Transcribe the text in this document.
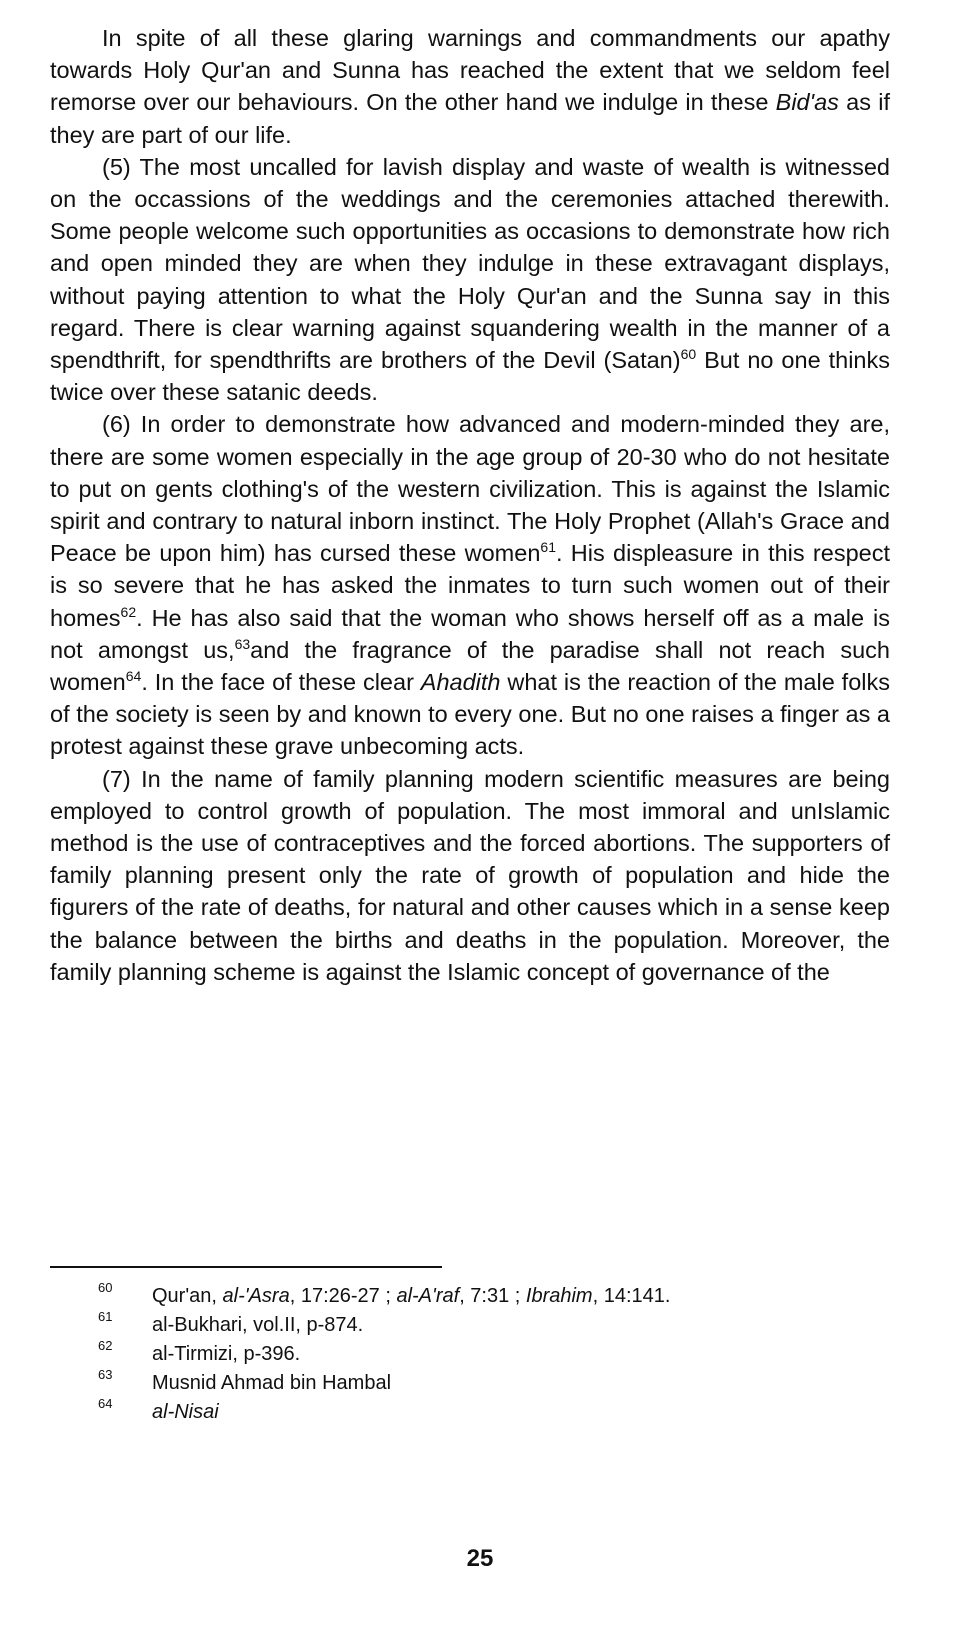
In spite of all these glaring warnings and commandments our apathy towards Holy Qur'an and Sunna has reached the extent that we seldom feel remorse over our behaviours. On the other hand we indulge in these Bid'as as if they are part of our life.

(5) The most uncalled for lavish display and waste of wealth is witnessed on the occassions of the weddings and the ceremonies attached therewith. Some people welcome such opportunities as occasions to demonstrate how rich and open minded they are when they indulge in these extravagant displays, without paying attention to what the Holy Qur'an and the Sunna say in this regard. There is clear warning against squandering wealth in the manner of a spendthrift, for spendthrifts are brothers of the Devil $(Satan)^{60}$ But no one thinks twice over these satanic deeds.

(6) In order to demonstrate how advanced and modern-minded they are, there are some women especially in the age group of 20-30 who do not hesitate to put on gents clothing's of the western civilization. This is against the Islamic spirit and contrary to natural inborn instinct. The Holy Prophet (Allah's Grace and Peace be upon him) has cursed these women$^{61}$. His displeasure in this respect is so severe that he has asked the inmates to turn such women out of their homes$^{62}$. He has also said that the woman who shows herself off as a male is not amongst us,$^{63}$and the fragrance of the paradise shall not reach such women$^{64}$. In the face of these clear Ahadith what is the reaction of the male folks of the society is seen by and known to every one. But no one raises a finger as a protest against these grave unbecoming acts.

(7) In the name of family planning modern scientific measures are being employed to control growth of population. The most immoral and unIslamic method is the use of contraceptives and the forced abortions. The supporters of family planning present only the rate of growth of population and hide the figurers of the rate of deaths, for natural and other causes which in a sense keep the balance between the births and deaths in the population. Moreover, the family planning scheme is against the Islamic concept of governance of the

60 Qur'an, al-'Asra, 17:26-27 ; al-A'raf, 7:31 ; Ibrahim, 14:141.
61 al-Bukhari, vol.II, p-874.
62 al-Tirmizi, p-396.
63 Musnid Ahmad bin Hambal
64 al-Nisai
25
